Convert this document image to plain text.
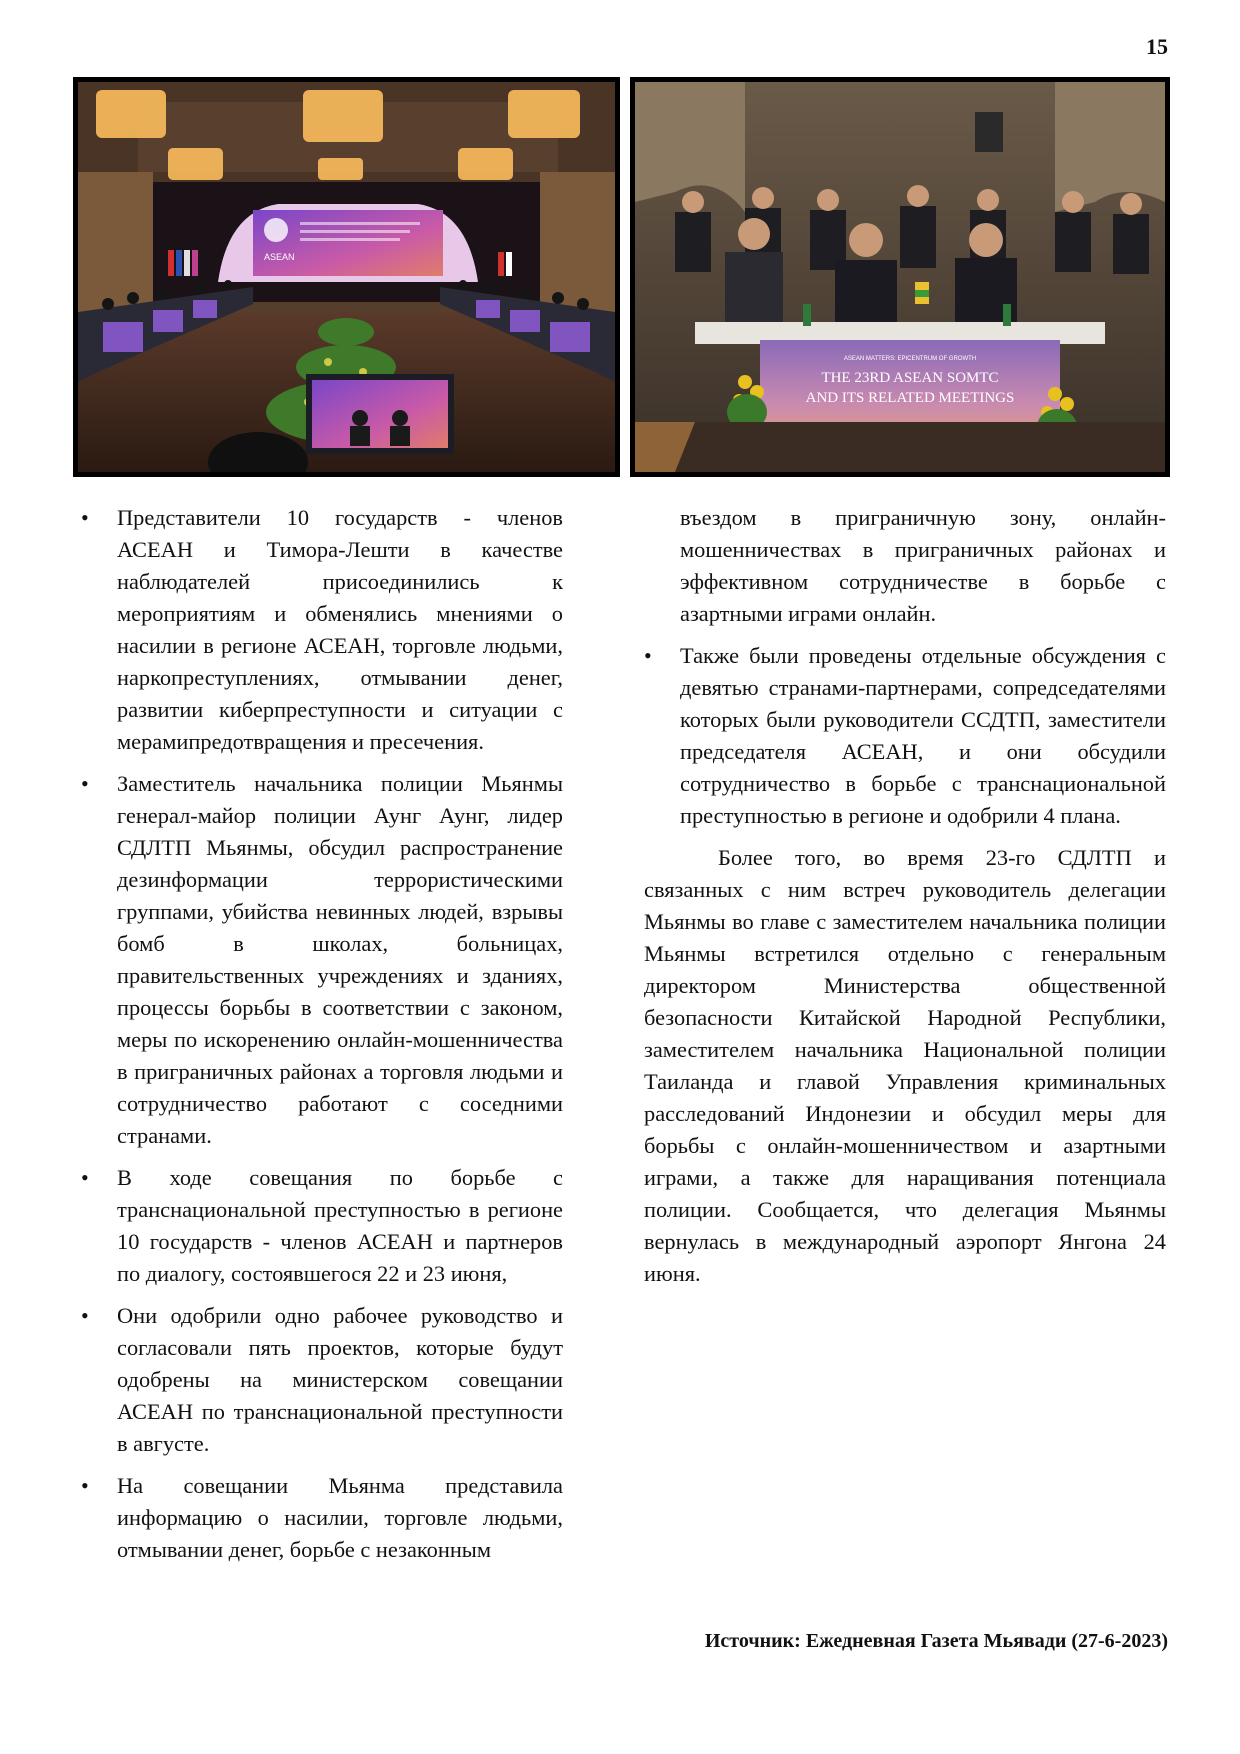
15
ASEAN
ASEAN MATTERS: EPICENTRUM OF GROWTH
THE 23RD ASEAN SOMTC
AND ITS RELATED MEETINGS
• Представители 10 государств - членов АСЕАН и Тимора-Лешти в качестве наблюдателей присоединились к мероприятиям и обменялись мнениями о насилии в регионе АСЕАН, торговле людьми, наркопреступлениях, отмывании денег, развитии киберпреступности и ситуации с мерамипредотвращения и пресечения.
• Заместитель начальника полиции Мьянмы генерал-майор полиции Аунг Аунг, лидер СДЛТП Мьянмы, обсудил распространение дезинформации террористическими группами, убийства невинных людей, взрывы бомб в школах, больницах, правительственных учреждениях и зданиях, процессы борьбы в соответствии с законом, меры по искоренению онлайн-мошенничества в приграничных районах а торговля людьми и сотрудничество работают с соседними странами.
• В ходе совещания по борьбе с транснациональной преступностью в регионе 10 государств - членов АСЕАН и партнеров по диалогу, состоявшегося 22 и 23 июня,
• Они одобрили одно рабочее руководство и согласовали пять проектов, которые будут одобрены на министерском совещании АСЕАН по транснациональной преступности в августе.
• На совещании Мьянма представила информацию о насилии, торговле людьми, отмывании денег, борьбе с незаконным
въездом в приграничную зону, онлайн-мошенничествах в приграничных районах и эффективном сотрудничестве в борьбе с азартными играми онлайн.
• Также были проведены отдельные обсуждения с девятью странами-партнерами, сопредседателями которых были руководители ССДТП, заместители председателя АСЕАН, и они обсудили сотрудничество в борьбе с транснациональной преступностью в регионе и одобрили 4 плана.

Более того, во время 23-го СДЛТП и связанных с ним встреч руководитель делегации Мьянмы во главе с заместителем начальника полиции Мьянмы встретился отдельно с генеральным директором Министерства общественной безопасности Китайской Народной Республики, заместителем начальника Национальной полиции Таиланда и главой Управления криминальных расследований Индонезии и обсудил меры для борьбы с онлайн-мошенничеством и азартными играми, а также для наращивания потенциала полиции. Сообщается, что делегация Мьянмы вернулась в международный аэропорт Янгона 24 июня.

Источник: Ежедневная Газета Мьявади (27-6-2023)
